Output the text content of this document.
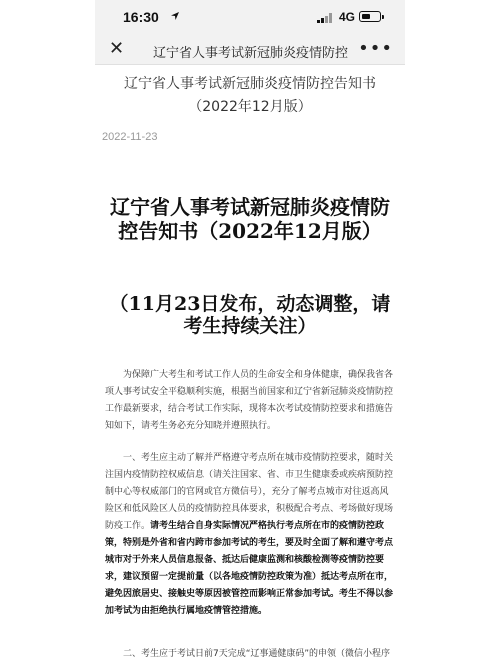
16:30	4G
✕ 辽宁省人事考试新冠肺炎疫情防控 •••
辽宁省人事考试新冠肺炎疫情防控告知书（2022年12月版）
2022-11-23
辽宁省人事考试新冠肺炎疫情防控告知书（2022年12月版）
（11月23日发布，动态调整，请考生持续关注）

为保障广大考生和考试工作人员的生命安全和身体健康，确保我省各项人事考试安全平稳顺利实施，根据当前国家和辽宁省新冠肺炎疫情防控工作最新要求，结合考试工作实际，现将本次考试疫情防控要求和措施告知如下，请考生务必充分知晓并遵照执行。

一、考生应主动了解并严格遵守考点所在城市疫情防控要求，随时关注国内疫情防控权威信息（请关注国家、省、市卫生健康委或疾病预防控制中心等权威部门的官网或官方微信号），充分了解考点城市对往返高风险区和低风险区人员的疫情防控具体要求，积极配合考点、考场做好现场防疫工作。请考生结合自身实际情况严格执行考点所在市的疫情防控政策，特别是外省和省内跨市参加考试的考生，要及时全面了解和遵守考点城市对于外来人员信息报备、抵达后健康监测和核酸检测等疫情防控要求，建议预留一定提前量（以各地疫情防控政策为准）抵达考点所在市，避免因旅居史、接触史等原因被管控而影响正常参加考试。考生不得以参加考试为由拒绝执行属地疫情管控措施。

二、考生应于考试日前7天完成“辽事通健康码”的申领（微信小程序
